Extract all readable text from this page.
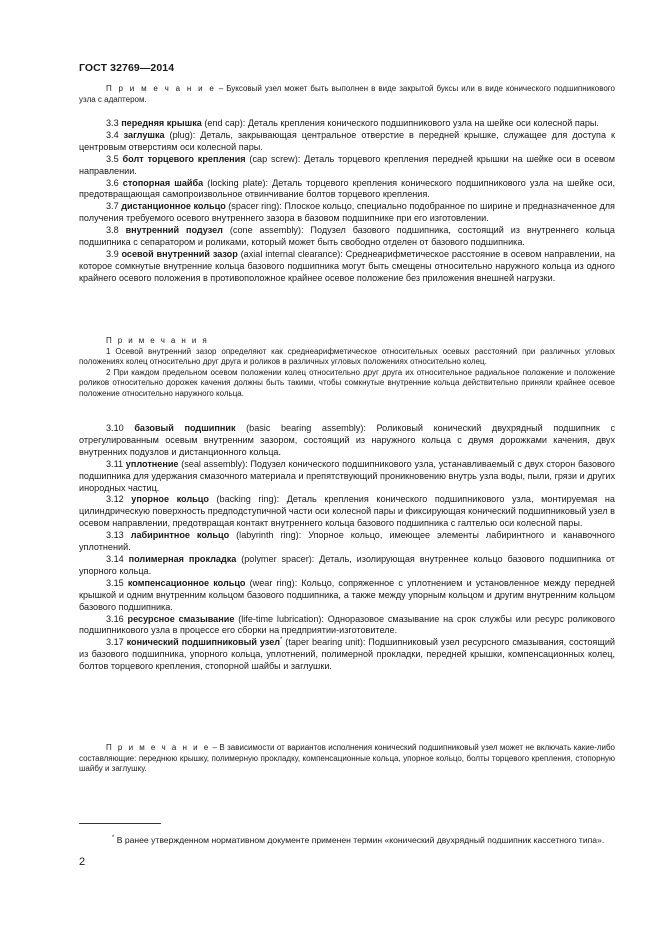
ГОСТ 32769—2014

П р и м е ч а н и е – Буксовый узел может быть выполнен в виде закрытой буксы или в виде конического подшипникового узла с адаптером.

3.3 передняя крышка (end cap): Деталь крепления конического подшипникового узла на шейке оси колесной пары.

3.4 заглушка (plug): Деталь, закрывающая центральное отверстие в передней крышке, служащее для доступа к центровым отверстиям оси колесной пары.

3.5 болт торцевого крепления (cap screw): Деталь торцевого крепления передней крышки на шейке оси в осевом направлении.

3.6 стопорная шайба (locking plate): Деталь торцевого крепления конического подшипникового узла на шейке оси, предотвращающая самопроизвольное отвинчивание болтов торцевого крепления.

3.7 дистанционное кольцо (spacer ring): Плоское кольцо, специально подобранное по ширине и предназначенное для получения требуемого осевого внутреннего зазора в базовом подшипнике при его изготовлении.

3.8 внутренний подузел (cone assembly): Подузел базового подшипника, состоящий из внутреннего кольца подшипника с сепаратором и роликами, который может быть свободно отделен от базового подшипника.

3.9 осевой внутренний зазор (axial internal clearance): Среднеарифметическое расстояние в осевом направлении, на которое сомкнутые внутренние кольца базового подшипника могут быть смещены относительно наружного кольца из одного крайнего осевого положения в противоположное крайнее осевое положение без приложения внешней нагрузки.

П р и м е ч а н и я

1 Осевой внутренний зазор определяют как среднеарифметическое относительных осевых расстояний при различных угловых положениях колец относительно друг друга и роликов в различных угловых положениях относительно колец.

2 При каждом предельном осевом положении колец относительно друг друга их относительное радиальное положение и положение роликов относительно дорожек качения должны быть такими, чтобы сомкнутые внутренние кольца действительно приняли крайнее осевое положение относительно наружного кольца.

3.10 базовый подшипник (basic bearing assembly): Роликовый конический двухрядный подшипник с отрегулированным осевым внутренним зазором, состоящий из наружного кольца с двумя дорожками качения, двух внутренних подузлов и дистанционного кольца.

3.11 уплотнение (seal assembly): Подузел конического подшипникового узла, устанавливаемый с двух сторон базового подшипника для удержания смазочного материала и препятствующий проникновению внутрь узла воды, пыли, грязи и других инородных частиц.

3.12 упорное кольцо (backing ring): Деталь крепления конического подшипникового узла, монтируемая на цилиндрическую поверхность предподступичной части оси колесной пары и фиксирующая конический подшипниковый узел в осевом направлении, предотвращая контакт внутреннего кольца базового подшипника с галтелью оси колесной пары.

3.13 лабиринтное кольцо (labyrinth ring): Упорное кольцо, имеющее элементы лабиринтного и канавочного уплотнений.

3.14 полимерная прокладка (polymer spacer): Деталь, изолирующая внутреннее кольцо базового подшипника от упорного кольца.

3.15 компенсационное кольцо (wear ring): Кольцо, сопряженное с уплотнением и установленное между передней крышкой и одним внутренним кольцом базового подшипника, а также между упорным кольцом и другим внутренним кольцом базового подшипника.

3.16 ресурсное смазывание (life-time lubrication): Одноразовое смазывание на срок службы или ресурс роликового подшипникового узла в процессе его сборки на предприятии-изготовителе.

3.17 конический подшипниковый узел* (taper bearing unit): Подшипниковый узел ресурсного смазывания, состоящий из базового подшипника, упорного кольца, уплотнений, полимерной прокладки, передней крышки, компенсационных колец, болтов торцевого крепления, стопорной шайбы и заглушки.

П р и м е ч а н и е – В зависимости от вариантов исполнения конический подшипниковый узел может не включать какие-либо составляющие: переднюю крышку, полимерную прокладку, компенсационные кольца, упорное кольцо, болты торцевого крепления, стопорную шайбу и заглушку.

* В ранее утвержденном нормативном документе применен термин «конический двухрядный подшипник кассетного типа».
2
